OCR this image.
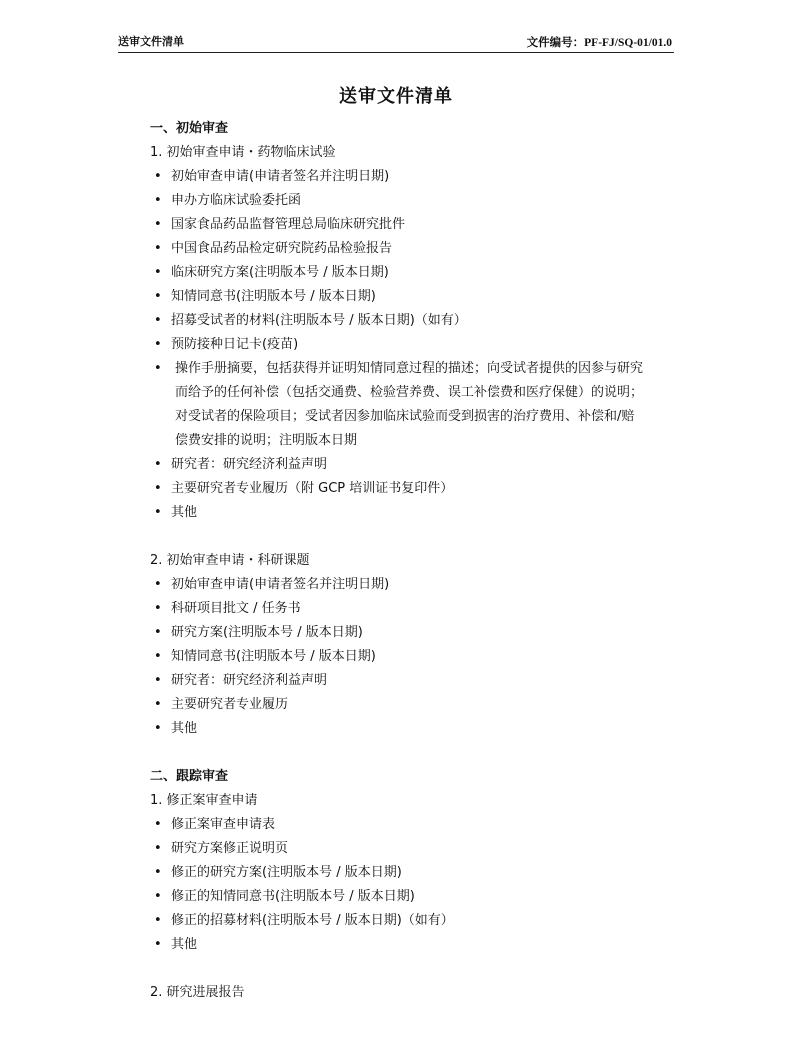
送审文件清单	文件编号：PF-FJ/SQ-01/01.0
送审文件清单
一、初始审查
1. 初始审查申请・药物临床试验
• 初始审查申请(申请者签名并注明日期)
• 申办方临床试验委托函
• 国家食品药品监督管理总局临床研究批件
• 中国食品药品检定研究院药品检验报告
• 临床研究方案(注明版本号 / 版本日期)
• 知情同意书(注明版本号 / 版本日期)
• 招募受试者的材料(注明版本号 / 版本日期)（如有）
• 预防接种日记卡(疫苗)
• 操作手册摘要，包括获得并证明知情同意过程的描述；向受试者提供的因参与研究
而给予的任何补偿（包括交通费、检验营养费、误工补偿费和医疗保健）的说明；
对受试者的保险项目；受试者因参加临床试验而受到损害的治疗费用、补偿和/赔
偿费安排的说明；注明版本日期
• 研究者：研究经济利益声明
• 主要研究者专业履历（附 GCP 培训证书复印件）
• 其他
2. 初始审查申请・科研课题
• 初始审查申请(申请者签名并注明日期)
• 科研项目批文 / 任务书
• 研究方案(注明版本号 / 版本日期)
• 知情同意书(注明版本号 / 版本日期)
• 研究者：研究经济利益声明
• 主要研究者专业履历
• 其他
二、跟踪审查
1. 修正案审查申请
• 修正案审查申请表
• 研究方案修正说明页
• 修正的研究方案(注明版本号 / 版本日期)
• 修正的知情同意书(注明版本号 / 版本日期)
• 修正的招募材料(注明版本号 / 版本日期)（如有）
• 其他
2. 研究进展报告
